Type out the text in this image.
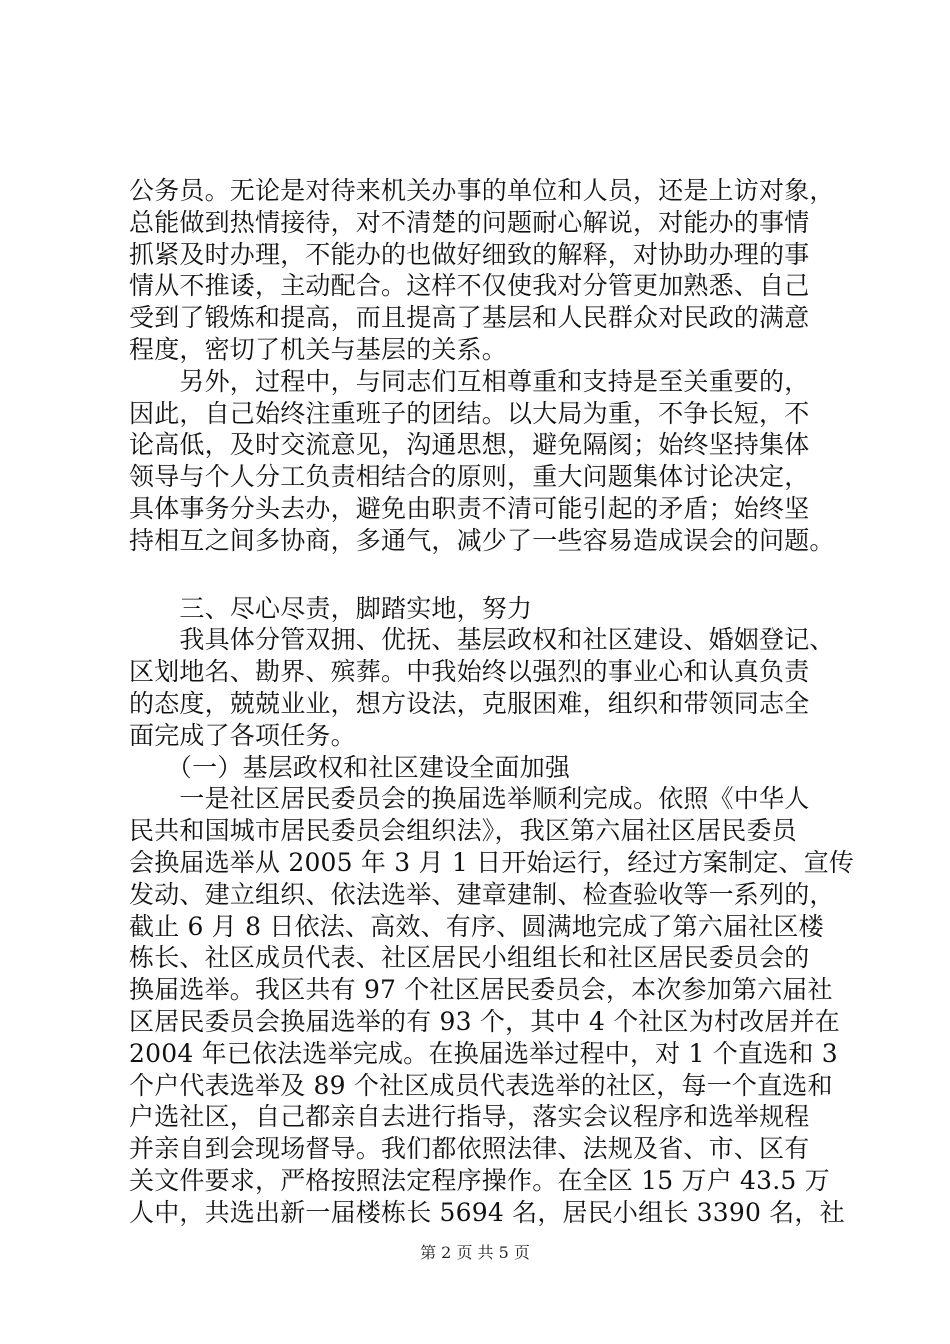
公务员。无论是对待来机关办事的单位和人员，还是上访对象，
总能做到热情接待，对不清楚的问题耐心解说，对能办的事情
抓紧及时办理，不能办的也做好细致的解释，对协助办理的事
情从不推诿，主动配合。这样不仅使我对分管更加熟悉、自己
受到了锻炼和提高，而且提高了基层和人民群众对民政的满意
程度，密切了机关与基层的关系。
　　另外，过程中，与同志们互相尊重和支持是至关重要的，
因此，自己始终注重班子的团结。以大局为重，不争长短，不
论高低，及时交流意见，沟通思想，避免隔阂；始终坚持集体
领导与个人分工负责相结合的原则，重大问题集体讨论决定，
具体事务分头去办，避免由职责不清可能引起的矛盾；始终坚
持相互之间多协商，多通气，减少了一些容易造成误会的问题。
　　三、尽心尽责，脚踏实地，努力
　　我具体分管双拥、优抚、基层政权和社区建设、婚姻登记、
区划地名、勘界、殡葬。中我始终以强烈的事业心和认真负责
的态度，兢兢业业，想方设法，克服困难，组织和带领同志全
面完成了各项任务。
　　（一）基层政权和社区建设全面加强
　　一是社区居民委员会的换届选举顺利完成。依照《中华人
民共和国城市居民委员会组织法》，我区第六届社区居民委员
会换届选举从 2005 年 3 月 1 日开始运行，经过方案制定、宣传
发动、建立组织、依法选举、建章建制、检查验收等一系列的，
截止 6 月 8 日依法、高效、有序、圆满地完成了第六届社区楼
栋长、社区成员代表、社区居民小组组长和社区居民委员会的
换届选举。我区共有 97 个社区居民委员会，本次参加第六届社
区居民委员会换届选举的有 93 个，其中 4 个社区为村改居并在
2004 年已依法选举完成。在换届选举过程中，对 1 个直选和 3
个户代表选举及 89 个社区成员代表选举的社区，每一个直选和
户选社区，自己都亲自去进行指导，落实会议程序和选举规程
并亲自到会现场督导。我们都依照法律、法规及省、市、区有
关文件要求，严格按照法定程序操作。在全区 15 万户 43.5 万
人中，共选出新一届楼栋长 5694 名，居民小组长 3390 名，社
第 2 页 共 5 页
